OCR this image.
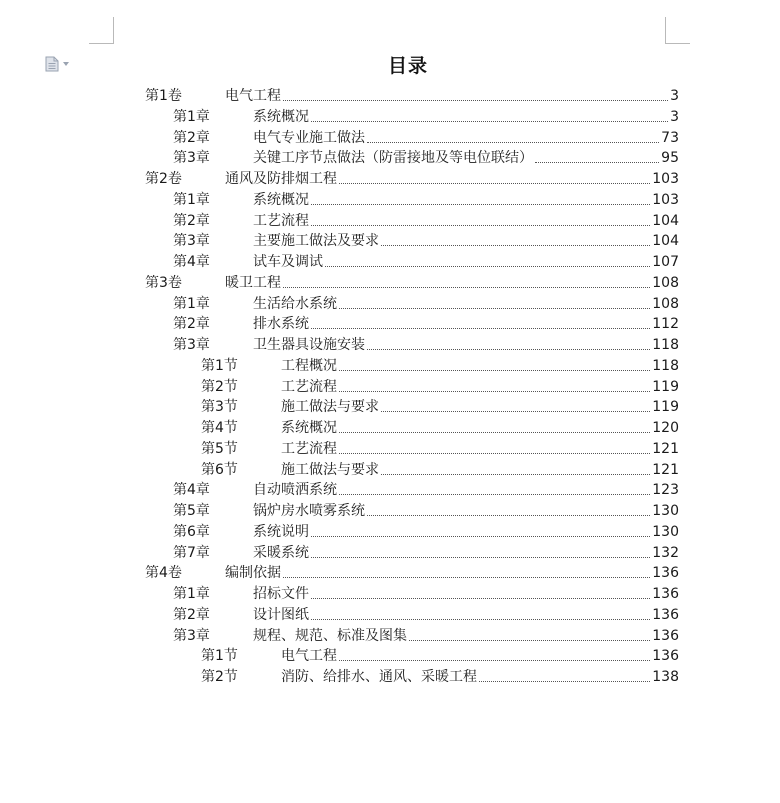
目录
第1卷	电气工程	3
第1章	系统概况	3
第2章	电气专业施工做法	73
第3章	关键工序节点做法（防雷接地及等电位联结）	95
第2卷	通风及防排烟工程	103
第1章	系统概况	103
第2章	工艺流程	104
第3章	主要施工做法及要求	104
第4章	试车及调试	107
第3卷	暖卫工程	108
第1章	生活给水系统	108
第2章	排水系统	112
第3章	卫生器具设施安装	118
第1节	工程概况	118
第2节	工艺流程	119
第3节	施工做法与要求	119
第4节	系统概况	120
第5节	工艺流程	121
第6节	施工做法与要求	121
第4章	自动喷洒系统	123
第5章	锅炉房水喷雾系统	130
第6章	系统说明	130
第7章	采暖系统	132
第4卷	编制依据	136
第1章	招标文件	136
第2章	设计图纸	136
第3章	规程、规范、标准及图集	136
第1节	电气工程	136
第2节	消防、给排水、通风、采暖工程	138
